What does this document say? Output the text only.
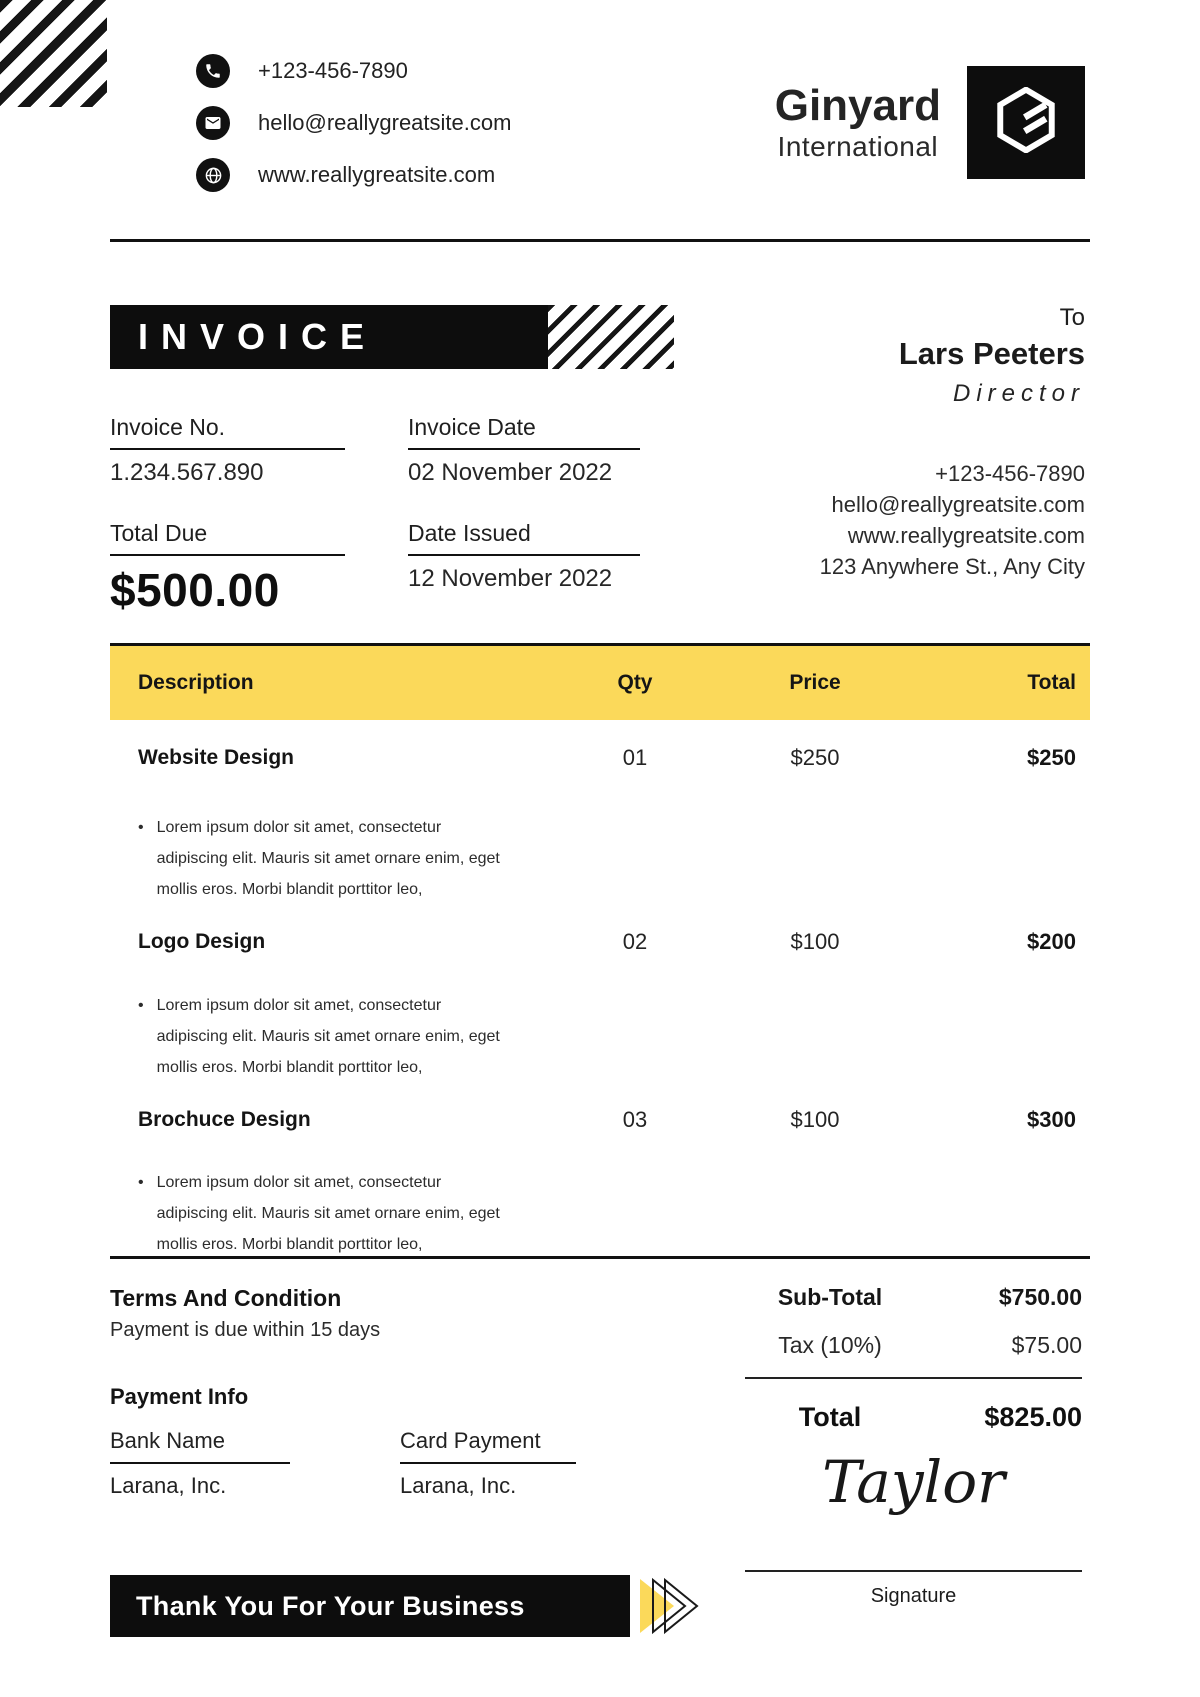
+123-456-7890
hello@reallygreatsite.com
www.reallygreatsite.com
Ginyard
International
INVOICE	To
Lars Peeters
Director
Invoice No.
1.234.567.890
Invoice Date
02 November 2022
Total Due
$500.00
Date Issued
12 November 2022
+123-456-7890
hello@reallygreatsite.com
www.reallygreatsite.com
123 Anywhere St., Any City
Description	Qty	Price	Total
Website Design	01	$250	$250
• Lorem ipsum dolor sit amet, consectetur
adipiscing elit. Mauris sit amet ornare enim, eget
mollis eros. Morbi blandit porttitor leo,
Logo Design	02	$100	$200
• Lorem ipsum dolor sit amet, consectetur
adipiscing elit. Mauris sit amet ornare enim, eget
mollis eros. Morbi blandit porttitor leo,
Brochuce Design	03	$100	$300
• Lorem ipsum dolor sit amet, consectetur
adipiscing elit. Mauris sit amet ornare enim, eget
mollis eros. Morbi blandit porttitor leo,
Terms And Condition
Payment is due within 15 days
Payment Info
Bank Name
Larana, Inc.
Card Payment
Larana, Inc.
Sub-Total	$750.00
Tax (10%)	$75.00
Total	$825.00
Taylor
Signature
Thank You For Your Business
